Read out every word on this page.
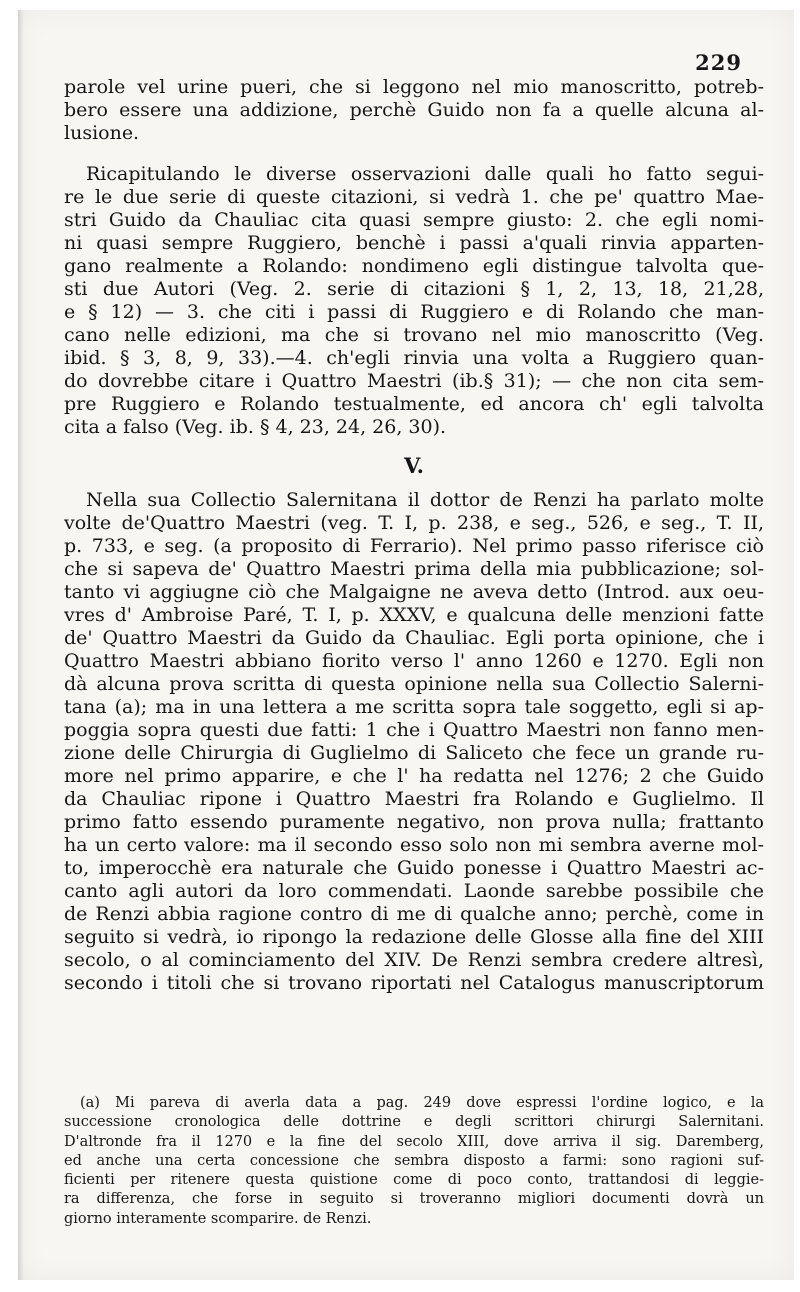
229
parole vel urine pueri, che si leggono nel mio manoscritto, potreb-
bero essere una addizione, perchè Guido non fa a quelle alcuna al-
lusione.
Ricapitulando le diverse osservazioni dalle quali ho fatto segui-
re le due serie di queste citazioni, si vedrà 1. che pe' quattro Mae-
stri Guido da Chauliac cita quasi sempre giusto: 2. che egli nomi-
ni quasi sempre Ruggiero, benchè i passi a'quali rinvia apparten-
gano realmente a Rolando: nondimeno egli distingue talvolta que-
sti due Autori (Veg. 2. serie di citazioni § 1, 2, 13, 18, 21,28,
e § 12) — 3. che citi i passi di Ruggiero e di Rolando che man-
cano nelle edizioni, ma che si trovano nel mio manoscritto (Veg.
ibid. § 3, 8, 9, 33).—4. ch'egli rinvia una volta a Ruggiero quan-
do dovrebbe citare i Quattro Maestri (ib.§ 31); — che non cita sem-
pre Ruggiero e Rolando testualmente, ed ancora ch' egli talvolta
cita a falso (Veg. ib. § 4, 23, 24, 26, 30).
V.
Nella sua Collectio Salernitana il dottor de Renzi ha parlato molte
volte de'Quattro Maestri (veg. T. I, p. 238, e seg., 526, e seg., T. II,
p. 733, e seg. (a proposito di Ferrario). Nel primo passo riferisce ciò
che si sapeva de' Quattro Maestri prima della mia pubblicazione; sol-
tanto vi aggiugne ciò che Malgaigne ne aveva detto (Introd. aux oeu-
vres d' Ambroise Paré, T. I, p. XXXV, e qualcuna delle menzioni fatte
de' Quattro Maestri da Guido da Chauliac. Egli porta opinione, che i
Quattro Maestri abbiano fiorito verso l' anno 1260 e 1270. Egli non
dà alcuna prova scritta di questa opinione nella sua Collectio Salerni-
tana (a); ma in una lettera a me scritta sopra tale soggetto, egli si ap-
poggia sopra questi due fatti: 1 che i Quattro Maestri non fanno men-
zione delle Chirurgia di Guglielmo di Saliceto che fece un grande ru-
more nel primo apparire, e che l' ha redatta nel 1276; 2 che Guido
da Chauliac ripone i Quattro Maestri fra Rolando e Guglielmo. Il
primo fatto essendo puramente negativo, non prova nulla; frattanto
ha un certo valore: ma il secondo esso solo non mi sembra averne mol-
to, imperocchè era naturale che Guido ponesse i Quattro Maestri ac-
canto agli autori da loro commendati. Laonde sarebbe possibile che
de Renzi abbia ragione contro di me di qualche anno; perchè, come in
seguito si vedrà, io ripongo la redazione delle Glosse alla fine del XIII
secolo, o al cominciamento del XIV. De Renzi sembra credere altresì,
secondo i titoli che si trovano riportati nel Catalogus manuscriptorum
(a) Mi pareva di averla data a pag. 249 dove espressi l'ordine logico, e la
successione cronologica delle dottrine e degli scrittori chirurgi Salernitani.
D'altronde fra il 1270 e la fine del secolo XIII, dove arriva il sig. Daremberg,
ed anche una certa concessione che sembra disposto a farmi: sono ragioni suf-
ficienti per ritenere questa quistione come di poco conto, trattandosi di leggie-
ra differenza, che forse in seguito si troveranno migliori documenti dovrà un
giorno interamente scomparire. de Renzi.
